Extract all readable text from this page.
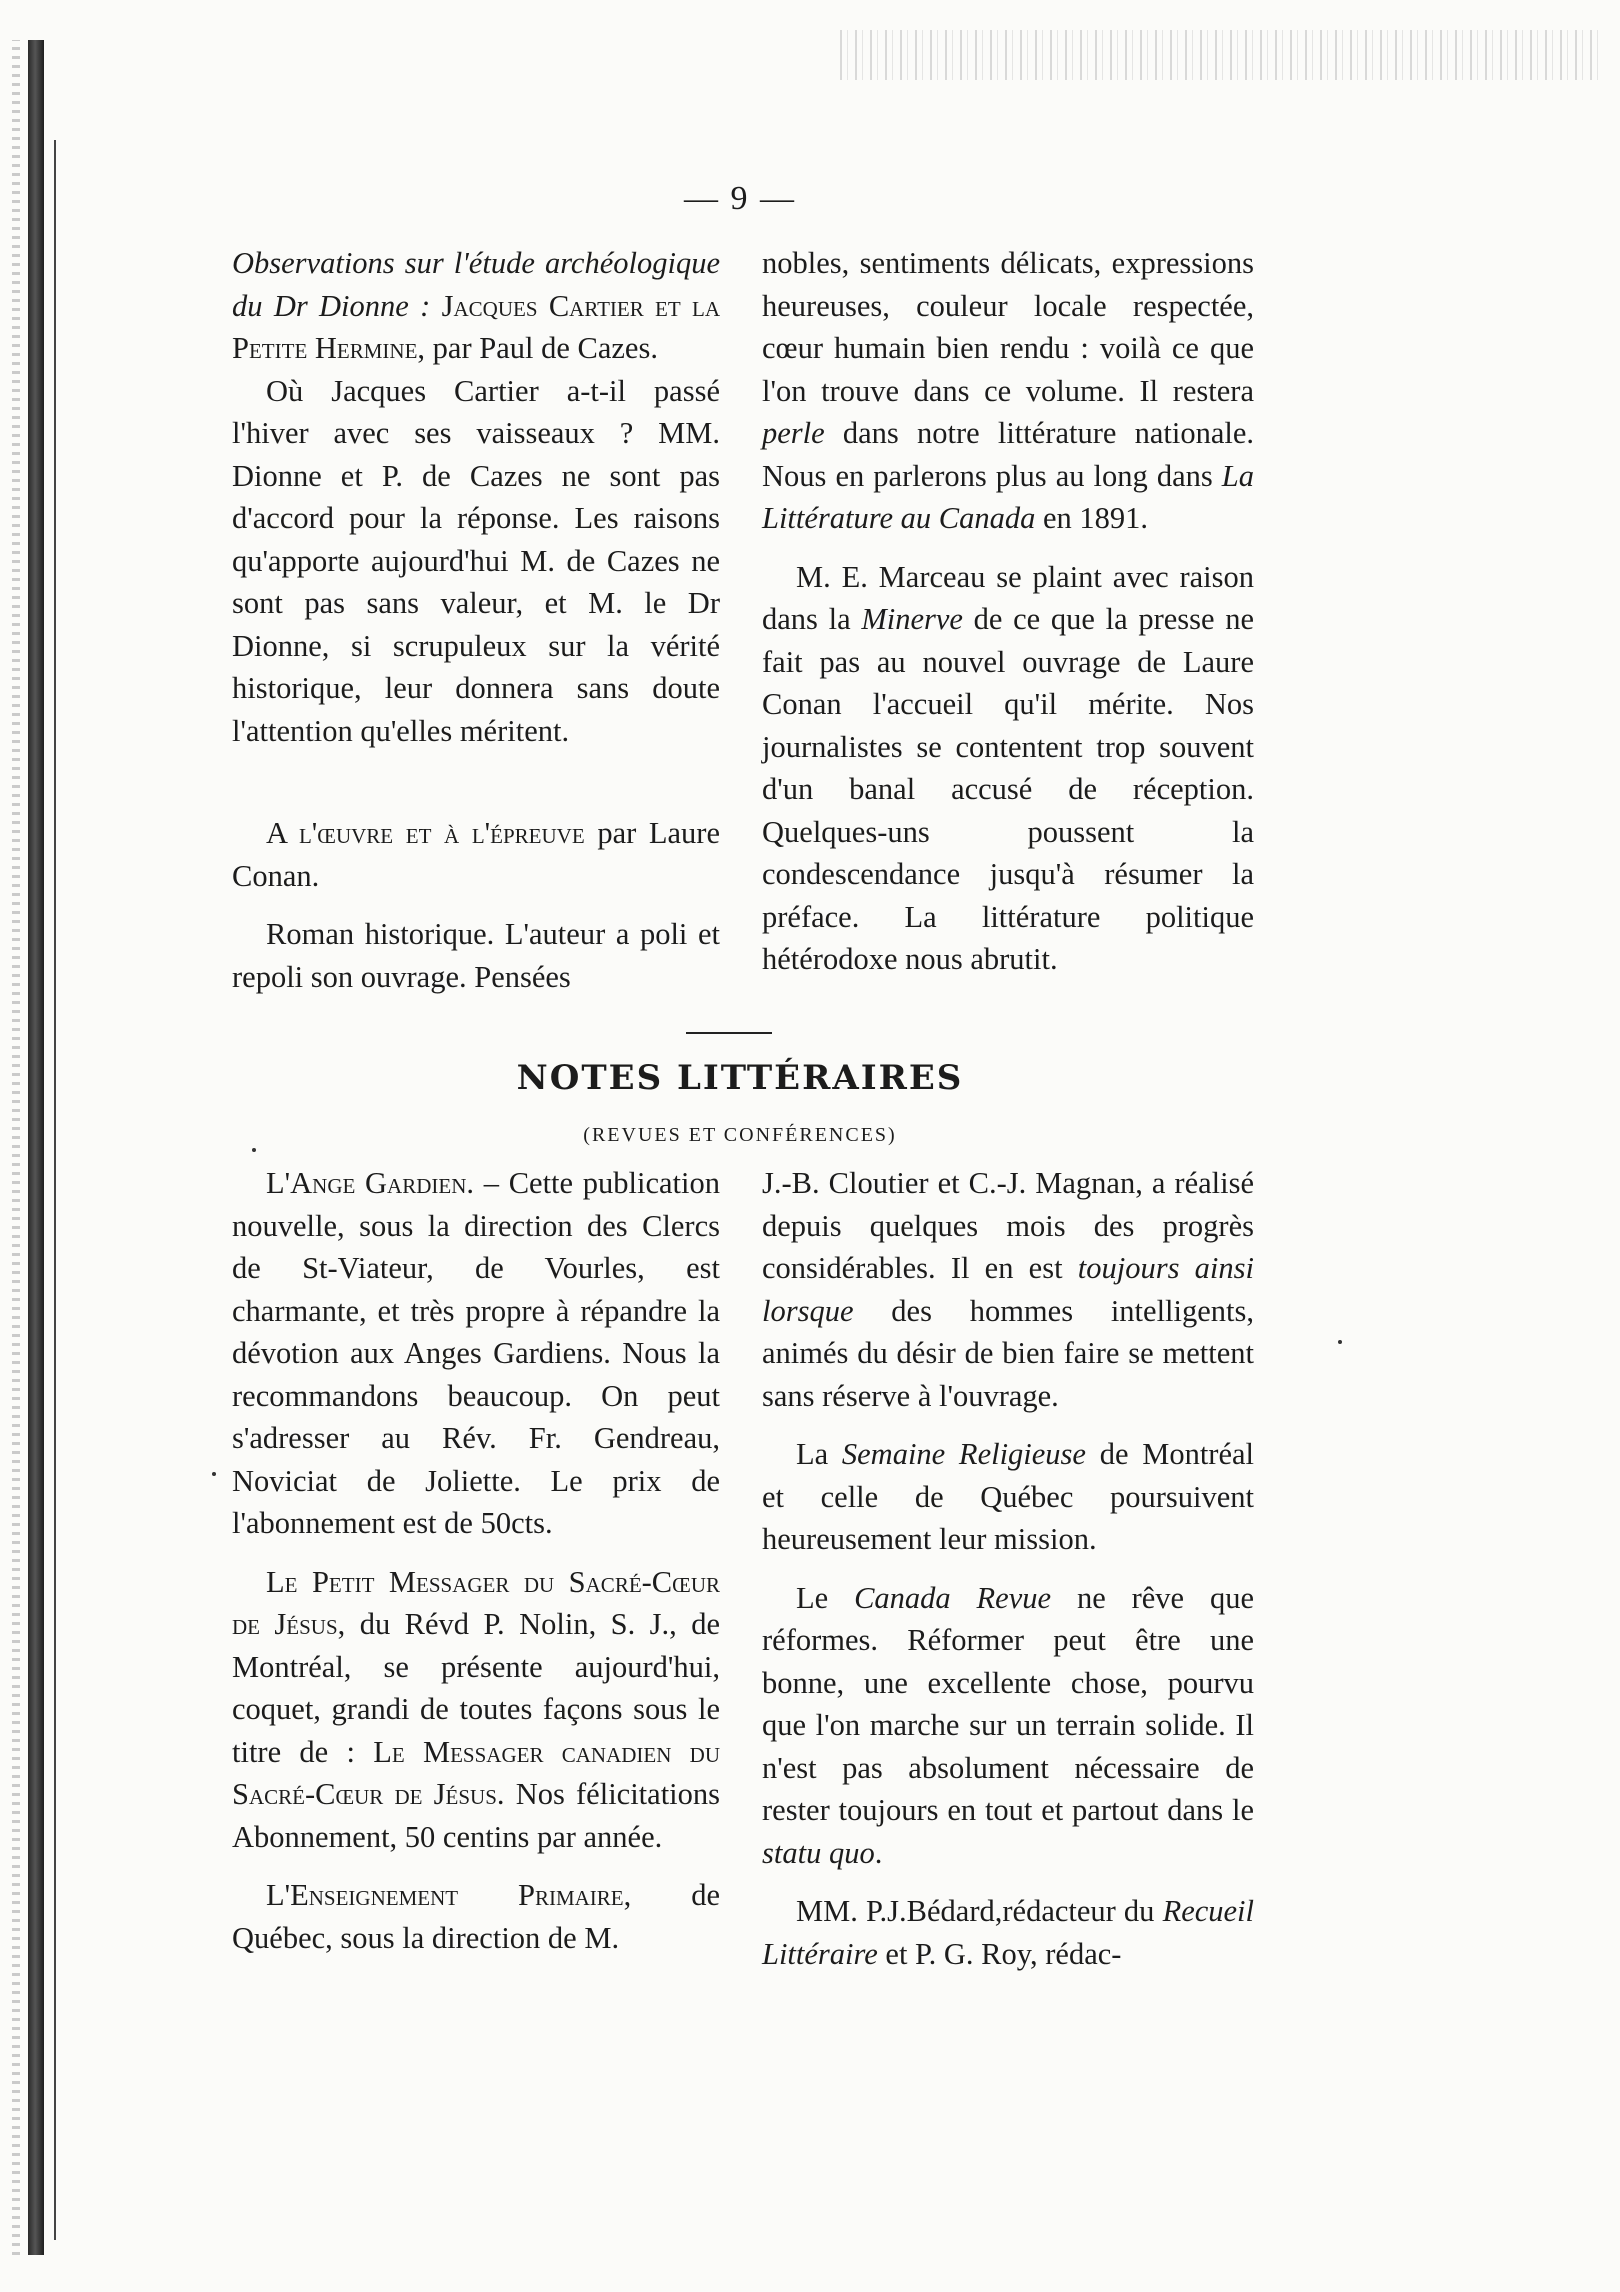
— 9 —

Observations sur l'étude archéologique du Dr Dionne : Jacques Cartier et la Petite Hermine, par Paul de Cazes.

Où Jacques Cartier a-t-il passé l'hiver avec ses vaisseaux ? MM. Dionne et P. de Cazes ne sont pas d'accord pour la réponse. Les raisons qu'apporte aujourd'hui M. de Cazes ne sont pas sans valeur, et M. le Dr Dionne, si scrupuleux sur la vérité historique, leur donnera sans doute l'attention qu'elles méritent.

A l'œuvre et à l'épreuve par Laure Conan.

Roman historique. L'auteur a poli et repoli son ouvrage. Pensées

nobles, sentiments délicats, expressions heureuses, couleur locale respectée, cœur humain bien rendu : voilà ce que l'on trouve dans ce volume. Il restera perle dans notre littérature nationale. Nous en parlerons plus au long dans La Littérature au Canada en 1891.

M. E. Marceau se plaint avec raison dans la Minerve de ce que la presse ne fait pas au nouvel ouvrage de Laure Conan l'accueil qu'il mérite. Nos journalistes se contentent trop souvent d'un banal accusé de réception. Quelques-uns poussent la condescendance jusqu'à résumer la préface. La littérature politique hétérodoxe nous abrutit.

NOTES LITTÉRAIRES
(REVUES ET CONFÉRENCES)

L'Ange Gardien. – Cette publication nouvelle, sous la direction des Clercs de St-Viateur, de Vourles, est charmante, et très propre à répandre la dévotion aux Anges Gardiens. Nous la recommandons beaucoup. On peut s'adresser au Rév. Fr. Gendreau, Noviciat de Joliette. Le prix de l'abonnement est de 50cts.

Le Petit Messager du Sacré-Cœur de Jésus, du Révd P. Nolin, S. J., de Montréal, se présente aujourd'hui, coquet, grandi de toutes façons sous le titre de : Le Messager canadien du Sacré-Cœur de Jésus. Nos félicitations Abonnement, 50 centins par année.

L'Enseignement Primaire, de Québec, sous la direction de M.

J.-B. Cloutier et C.-J. Magnan, a réalisé depuis quelques mois des progrès considérables. Il en est toujours ainsi lorsque des hommes intelligents, animés du désir de bien faire se mettent sans réserve à l'ouvrage.

La Semaine Religieuse de Montréal et celle de Québec poursuivent heureusement leur mission.

Le Canada Revue ne rêve que réformes. Réformer peut être une bonne, une excellente chose, pourvu que l'on marche sur un terrain solide. Il n'est pas absolument nécessaire de rester toujours en tout et partout dans le statu quo.

MM. P.J.Bédard,rédacteur du Recueil Littéraire et P. G. Roy, rédac-
